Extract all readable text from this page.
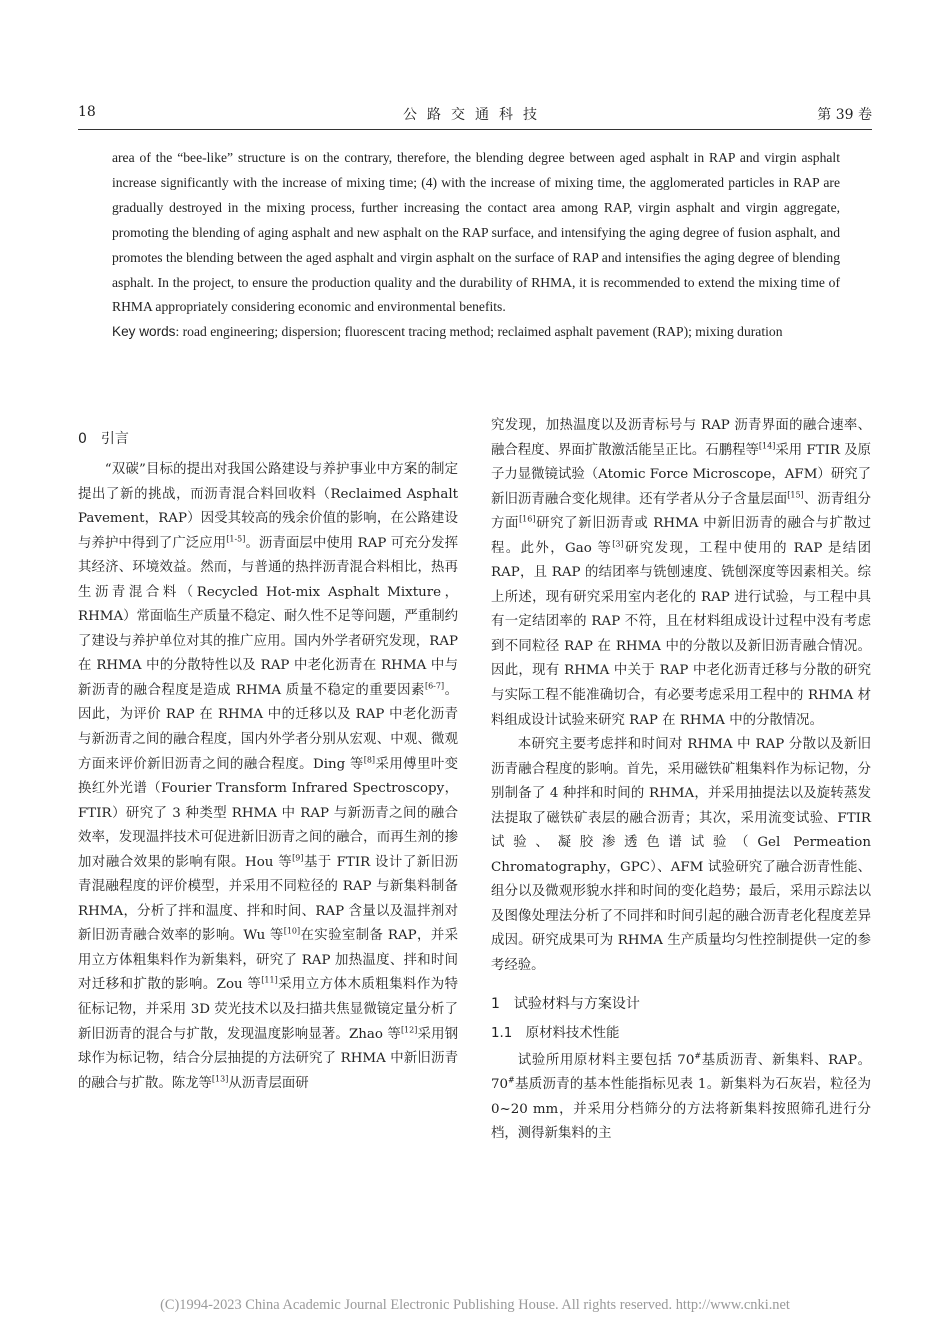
18	公路交通科技	第 39 卷
area of the “bee-like” structure is on the contrary, therefore, the blending degree between aged asphalt in RAP and virgin asphalt increase significantly with the increase of mixing time; (4) with the increase of mixing time, the agglomerated particles in RAP are gradually destroyed in the mixing process, further increasing the contact area among RAP, virgin asphalt and virgin aggregate, promoting the blending of aging asphalt and new asphalt on the RAP surface, and intensifying the aging degree of fusion asphalt, and promotes the blending between the aged asphalt and virgin asphalt on the surface of RAP and intensifies the aging degree of blending asphalt. In the project, to ensure the production quality and the durability of RHMA, it is recommended to extend the mixing time of RHMA appropriately considering economic and environmental benefits.
Key words: road engineering; dispersion; fluorescent tracing method; reclaimed asphalt pavement (RAP); mixing duration
0　引言

“双碳”目标的提出对我国公路建设与养护事业中方案的制定提出了新的挑战，而沥青混合料回收料（Reclaimed Asphalt Pavement，RAP）因受其较高的残余价值的影响，在公路建设与养护中得到了广泛应用[1-5]。沥青面层中使用 RAP 可充分发挥其经济、环境效益。然而，与普通的热拌沥青混合料相比，热再生沥青混合料（Recycled Hot-mix Asphalt Mixture，RHMA）常面临生产质量不稳定、耐久性不足等问题，严重制约了建设与养护单位对其的推广应用。国内外学者研究发现，RAP 在 RHMA 中的分散特性以及 RAP 中老化沥青在 RHMA 中与新沥青的融合程度是造成 RHMA 质量不稳定的重要因素[6-7]。因此，为评价 RAP 在 RHMA 中的迁移以及 RAP 中老化沥青与新沥青之间的融合程度，国内外学者分别从宏观、中观、微观方面来评价新旧沥青之间的融合程度。Ding 等[8]采用傅里叶变换红外光谱（Fourier Transform Infrared Spectroscopy，FTIR）研究了 3 种类型 RHMA 中 RAP 与新沥青之间的融合效率，发现温拌技术可促进新旧沥青之间的融合，而再生剂的掺加对融合效果的影响有限。Hou 等[9]基于 FTIR 设计了新旧沥青混融程度的评价模型，并采用不同粒径的 RAP 与新集料制备 RHMA，分析了拌和温度、拌和时间、RAP 含量以及温拌剂对新旧沥青融合效率的影响。Wu 等[10]在实验室制备 RAP，并采用立方体粗集料作为新集料，研究了 RAP 加热温度、拌和时间对迁移和扩散的影响。Zou 等[11]采用立方体木质粗集料作为特征标记物，并采用 3D 荧光技术以及扫描共焦显微镜定量分析了新旧沥青的混合与扩散，发现温度影响显著。Zhao 等[12]采用钢球作为标记物，结合分层抽提的方法研究了 RHMA 中新旧沥青的融合与扩散。陈龙等[13]从沥青层面研

究发现，加热温度以及沥青标号与 RAP 沥青界面的融合速率、融合程度、界面扩散激活能呈正比。石鹏程等[14]采用 FTIR 及原子力显微镜试验（Atomic Force Microscope，AFM）研究了新旧沥青融合变化规律。还有学者从分子含量层面[15]、沥青组分方面[16]研究了新旧沥青或 RHMA 中新旧沥青的融合与扩散过程。此外，Gao 等[3]研究发现，工程中使用的 RAP 是结团 RAP，且 RAP 的结团率与铣刨速度、铣刨深度等因素相关。综上所述，现有研究采用室内老化的 RAP 进行试验，与工程中具有一定结团率的 RAP 不符，且在材料组成设计过程中没有考虑到不同粒径 RAP 在 RHMA 中的分散以及新旧沥青融合情况。因此，现有 RHMA 中关于 RAP 中老化沥青迁移与分散的研究与实际工程不能准确切合，有必要考虑采用工程中的 RHMA 材料组成设计试验来研究 RAP 在 RHMA 中的分散情况。

本研究主要考虑拌和时间对 RHMA 中 RAP 分散以及新旧沥青融合程度的影响。首先，采用磁铁矿粗集料作为标记物，分别制备了 4 种拌和时间的 RHMA，并采用抽提法以及旋转蒸发法提取了磁铁矿表层的融合沥青；其次，采用流变试验、FTIR 试验、凝胶渗透色谱试验（Gel Permeation Chromatography，GPC）、AFM 试验研究了融合沥青性能、组分以及微观形貌水拌和时间的变化趋势；最后，采用示踪法以及图像处理法分析了不同拌和时间引起的融合沥青老化程度差异成因。研究成果可为 RHMA 生产质量均匀性控制提供一定的参考经验。

1　试验材料与方案设计
1.1　原材料技术性能

试验所用原材料主要包括 70#基质沥青、新集料、RAP。70#基质沥青的基本性能指标见表 1。新集料为石灰岩，粒径为 0~20 mm，并采用分档筛分的方法将新集料按照筛孔进行分档，测得新集料的主

(C)1994-2023 China Academic Journal Electronic Publishing House. All rights reserved. http://www.cnki.net
